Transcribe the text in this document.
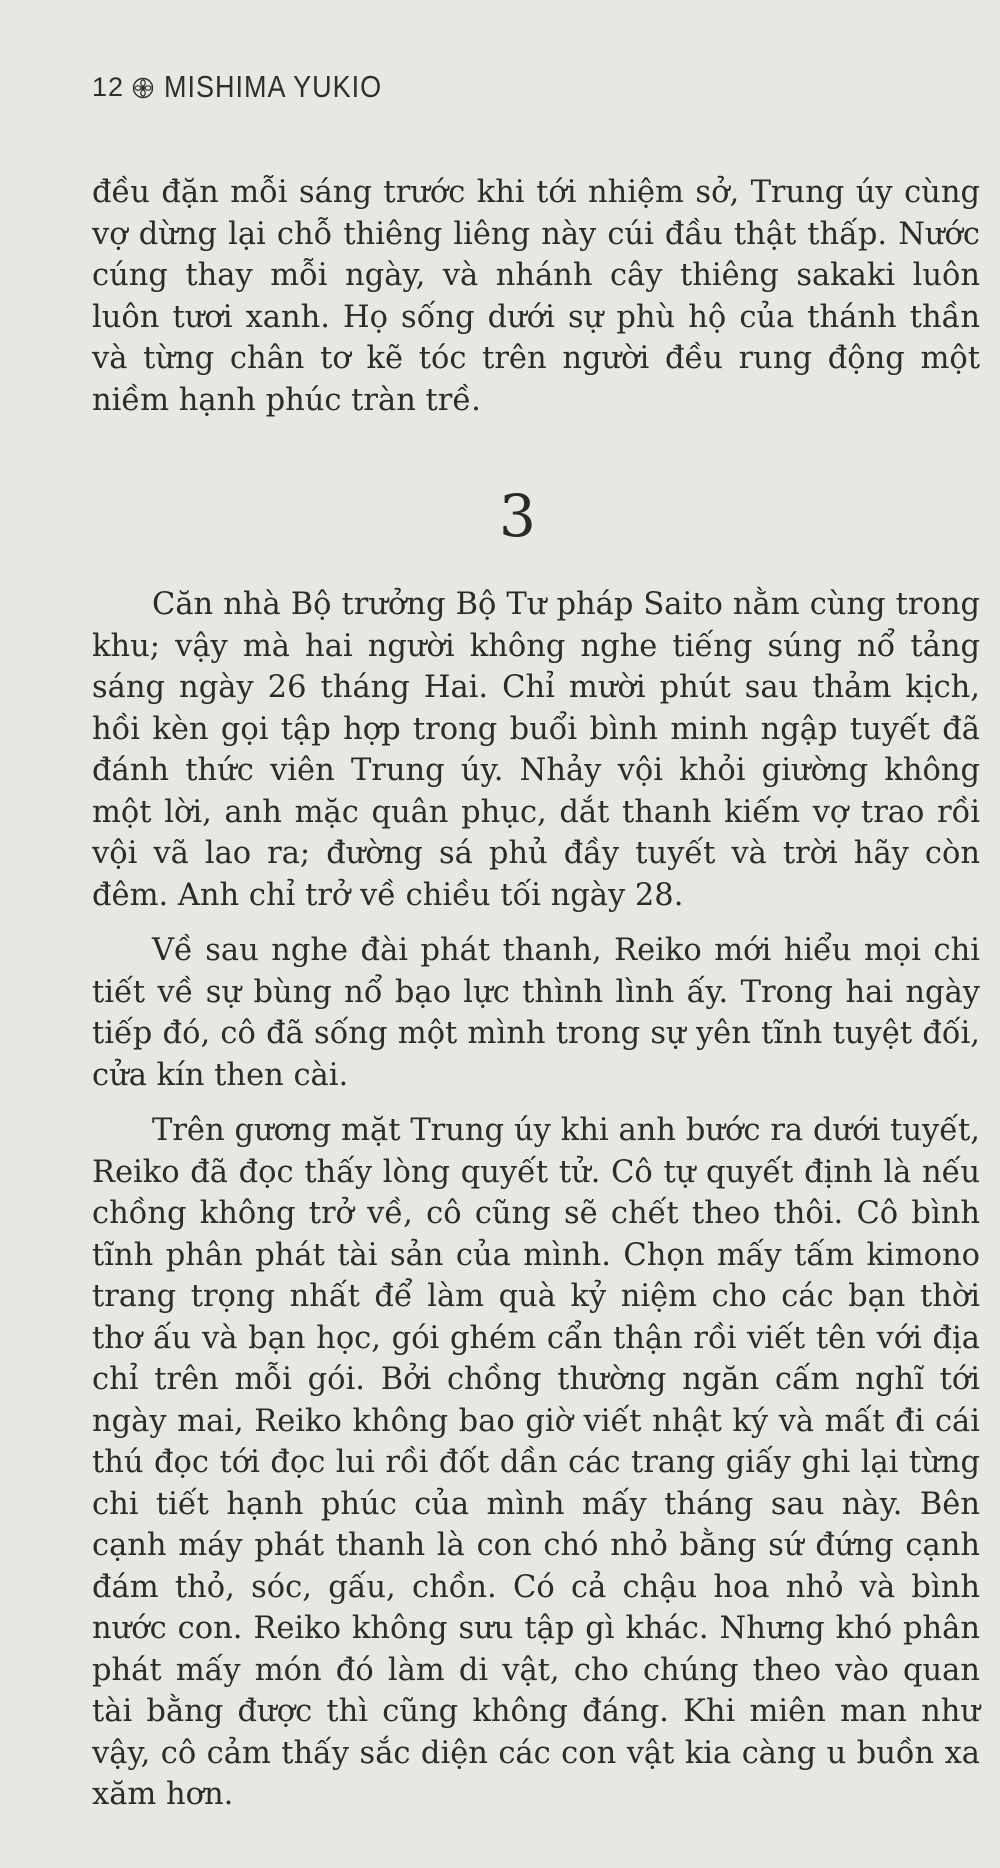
12 MISHIMA YUKIO

đều đặn mỗi sáng trước khi tới nhiệm sở, Trung úy cùng vợ dừng lại chỗ thiêng liêng này cúi đầu thật thấp. Nước cúng thay mỗi ngày, và nhánh cây thiêng sakaki luôn luôn tươi xanh. Họ sống dưới sự phù hộ của thánh thần và từng chân tơ kẽ tóc trên người đều rung động một niềm hạnh phúc tràn trề.

3

Căn nhà Bộ trưởng Bộ Tư pháp Saito nằm cùng trong khu; vậy mà hai người không nghe tiếng súng nổ tảng sáng ngày 26 tháng Hai. Chỉ mười phút sau thảm kịch, hồi kèn gọi tập hợp trong buổi bình minh ngập tuyết đã đánh thức viên Trung úy. Nhảy vội khỏi giường không một lời, anh mặc quân phục, dắt thanh kiếm vợ trao rồi vội vã lao ra; đường sá phủ đầy tuyết và trời hãy còn đêm. Anh chỉ trở về chiều tối ngày 28.

Về sau nghe đài phát thanh, Reiko mới hiểu mọi chi tiết về sự bùng nổ bạo lực thình lình ấy. Trong hai ngày tiếp đó, cô đã sống một mình trong sự yên tĩnh tuyệt đối, cửa kín then cài.

Trên gương mặt Trung úy khi anh bước ra dưới tuyết, Reiko đã đọc thấy lòng quyết tử. Cô tự quyết định là nếu chồng không trở về, cô cũng sẽ chết theo thôi. Cô bình tĩnh phân phát tài sản của mình. Chọn mấy tấm kimono trang trọng nhất để làm quà kỷ niệm cho các bạn thời thơ ấu và bạn học, gói ghém cẩn thận rồi viết tên với địa chỉ trên mỗi gói. Bởi chồng thường ngăn cấm nghĩ tới ngày mai, Reiko không bao giờ viết nhật ký và mất đi cái thú đọc tới đọc lui rồi đốt dần các trang giấy ghi lại từng chi tiết hạnh phúc của mình mấy tháng sau này. Bên cạnh máy phát thanh là con chó nhỏ bằng sứ đứng cạnh đám thỏ, sóc, gấu, chồn. Có cả chậu hoa nhỏ và bình nước con. Reiko không sưu tập gì khác. Nhưng khó phân phát mấy món đó làm di vật, cho chúng theo vào quan tài bằng được thì cũng không đáng. Khi miên man như vậy, cô cảm thấy sắc diện các con vật kia càng u buồn xa xăm hơn.
